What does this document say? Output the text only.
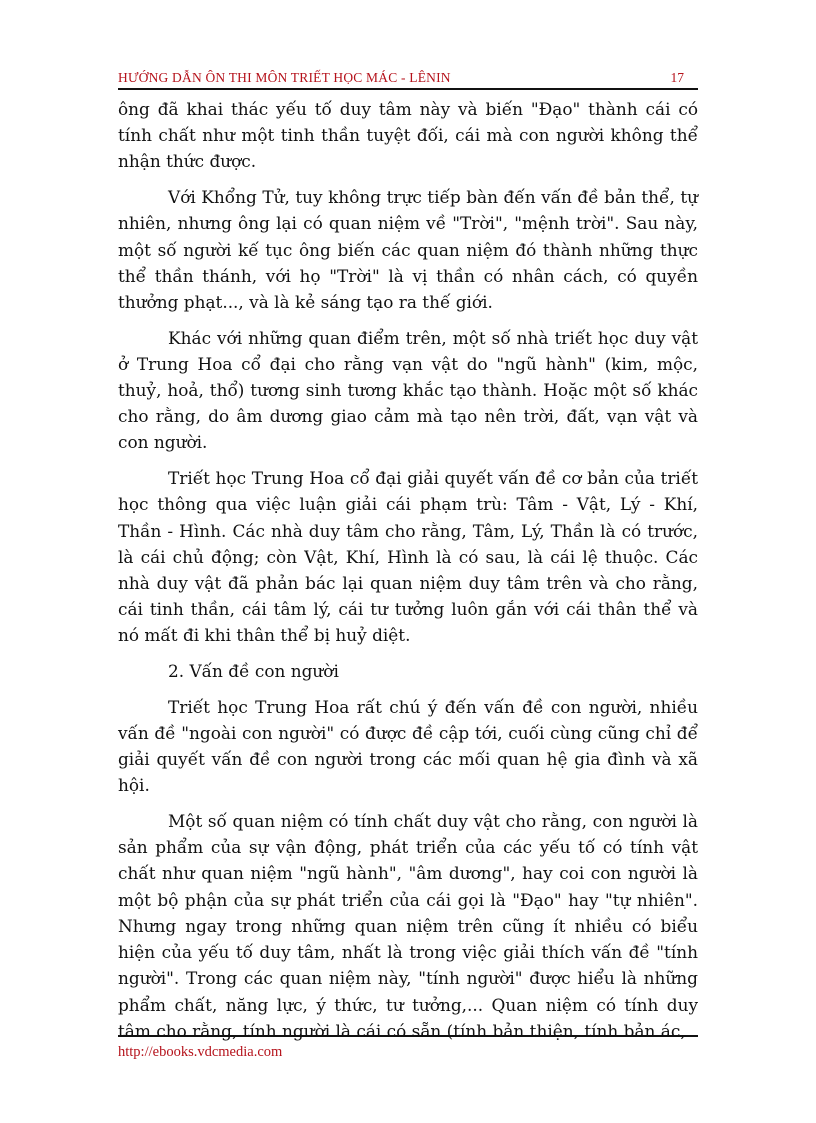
HƯỚNG DẪN ÔN THI MÔN TRIẾT HỌC MÁC - LÊNIN	17

ông đã khai thác yếu tố duy tâm này và biến "Đạo" thành cái có tính chất như một tinh thần tuyệt đối, cái mà con người không thể nhận thức được.

Với Khổng Tử, tuy không trực tiếp bàn đến vấn đề bản thể, tự nhiên, nhưng ông lại có quan niệm về "Trời", "mệnh trời". Sau này, một số người kế tục ông biến các quan niệm đó thành những thực thể thần thánh, với họ "Trời" là vị thần có nhân cách, có quyền thưởng phạt..., và là kẻ sáng tạo ra thế giới.

Khác với những quan điểm trên, một số nhà triết học duy vật ở Trung Hoa cổ đại cho rằng vạn vật do "ngũ hành" (kim, mộc, thuỷ, hoả, thổ) tương sinh tương khắc tạo thành. Hoặc một số khác cho rằng, do âm dương giao cảm mà tạo nên trời, đất, vạn vật và con người.

Triết học Trung Hoa cổ đại giải quyết vấn đề cơ bản của triết học thông qua việc luận giải cái phạm trù: Tâm - Vật, Lý - Khí, Thần - Hình. Các nhà duy tâm cho rằng, Tâm, Lý, Thần là có trước, là cái chủ động; còn Vật, Khí, Hình là có sau, là cái lệ thuộc. Các nhà duy vật đã phản bác lại quan niệm duy tâm trên và cho rằng, cái tinh thần, cái tâm lý, cái tư tưởng luôn gắn với cái thân thể và nó mất đi khi thân thể bị huỷ diệt.

2. Vấn đề con người

Triết học Trung Hoa rất chú ý đến vấn đề con người, nhiều vấn đề "ngoài con người" có được đề cập tới, cuối cùng cũng chỉ để giải quyết vấn đề con người trong các mối quan hệ gia đình và xã hội.

Một số quan niệm có tính chất duy vật cho rằng, con người là sản phẩm của sự vận động, phát triển của các yếu tố có tính vật chất như quan niệm "ngũ hành", "âm dương", hay coi con người là một bộ phận của sự phát triển của cái gọi là "Đạo" hay "tự nhiên". Nhưng ngay trong những quan niệm trên cũng ít nhiều có biểu hiện của yếu tố duy tâm, nhất là trong việc giải thích vấn đề "tính người". Trong các quan niệm này, "tính người" được hiểu là những phẩm chất, năng lực, ý thức, tư tưởng,... Quan niệm có tính duy tâm cho rằng, tính người là cái có sẵn (tính bản thiện, tính bản ác,

http://ebooks.vdcmedia.com
